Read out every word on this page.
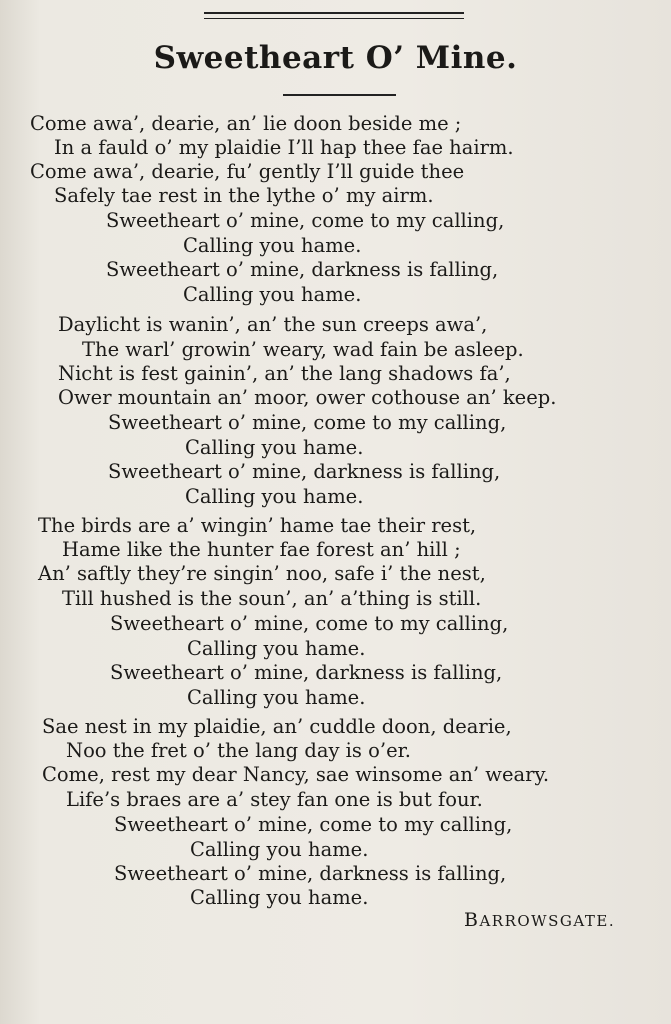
Sweetheart O’ Mine.
Come awa’, dearie, an’ lie doon beside me ;
In a fauld o’ my plaidie I’ll hap thee fae hairm.
Come awa’, dearie, fu’ gently I’ll guide thee
Safely tae rest in the lythe o’ my airm.
Sweetheart o’ mine, come to my calling,
Calling you hame.
Sweetheart o’ mine, darkness is falling,
Calling you hame.
Daylicht is wanin’, an’ the sun creeps awa’,
The warl’ growin’ weary, wad fain be asleep.
Nicht is fest gainin’, an’ the lang shadows fa’,
Ower mountain an’ moor, ower cothouse an’ keep.
Sweetheart o’ mine, come to my calling,
Calling you hame.
Sweetheart o’ mine, darkness is falling,
Calling you hame.
The birds are a’ wingin’ hame tae their rest,
Hame like the hunter fae forest an’ hill ;
An’ saftly they’re singin’ noo, safe i’ the nest,
Till hushed is the soun’, an’ a’thing is still.
Sweetheart o’ mine, come to my calling,
Calling you hame.
Sweetheart o’ mine, darkness is falling,
Calling you hame.
Sae nest in my plaidie, an’ cuddle doon, dearie,
Noo the fret o’ the lang day is o’er.
Come, rest my dear Nancy, sae winsome an’ weary.
Life’s braes are a’ stey fan one is but four.
Sweetheart o’ mine, come to my calling,
Calling you hame.
Sweetheart o’ mine, darkness is falling,
Calling you hame.
BARROWSGATE.
